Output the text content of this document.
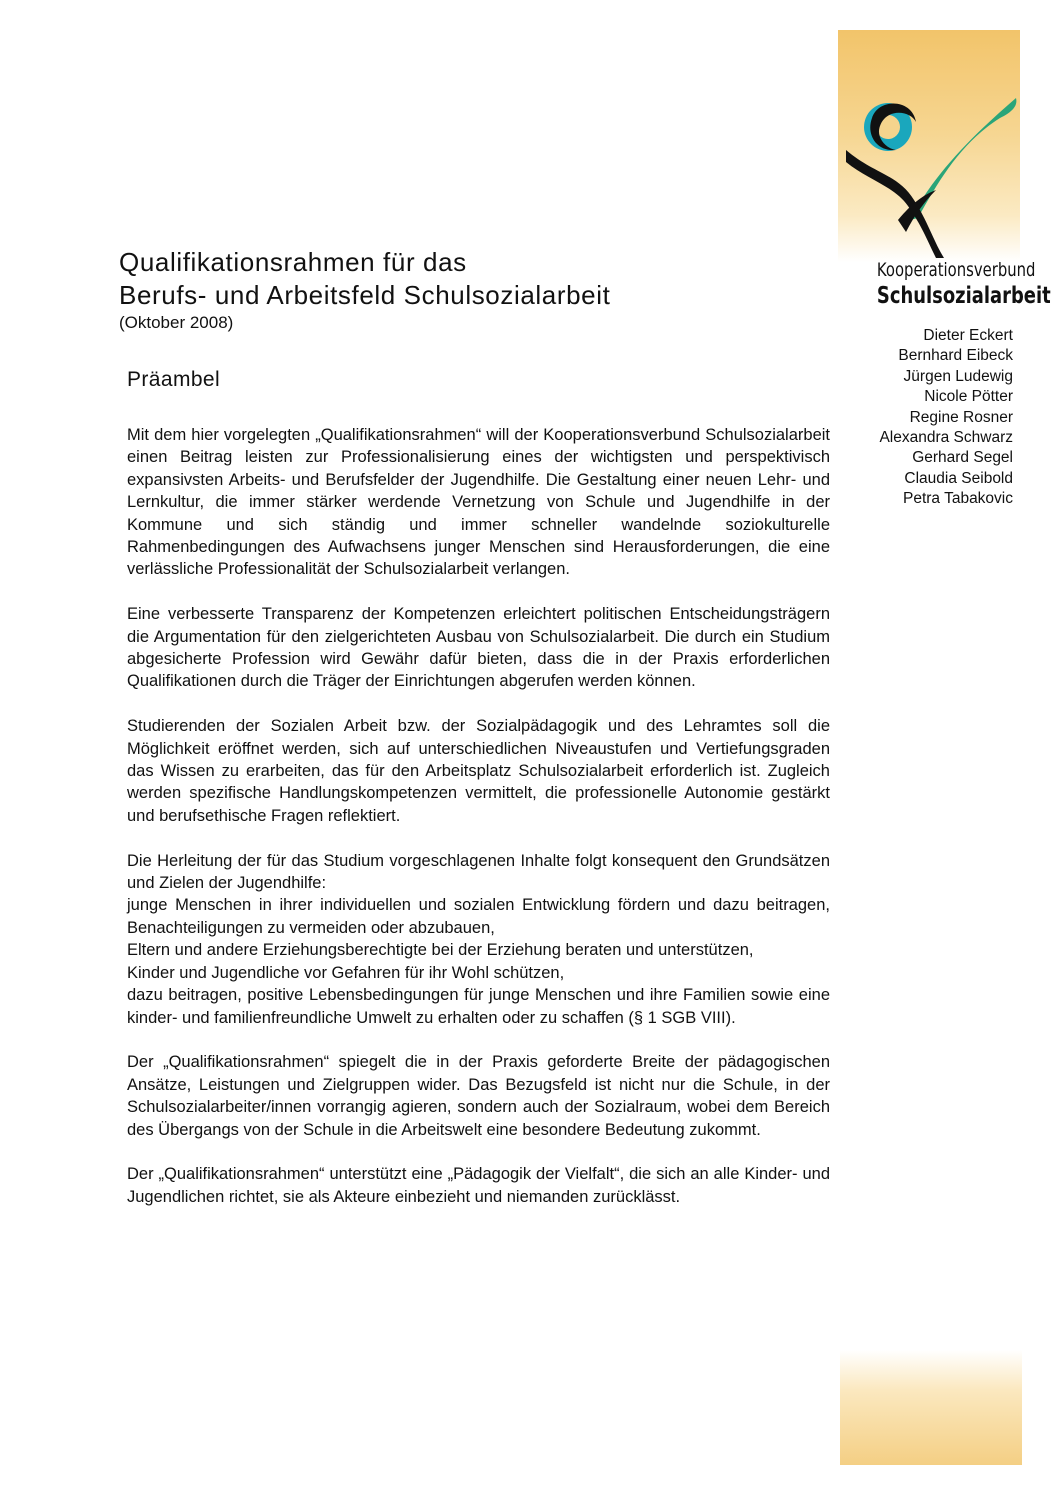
Kooperationsverbund
Schulsozialarbeit
Dieter Eckert
Bernhard Eibeck
Jürgen Ludewig
Nicole Pötter
Regine Rosner
Alexandra Schwarz
Gerhard Segel
Claudia Seibold
Petra Tabakovic
Qualifikationsrahmen für das
Berufs- und Arbeitsfeld Schulsozialarbeit
(Oktober 2008)
Präambel

Mit dem hier vorgelegten „Qualifikationsrahmen“ will der Kooperationsverbund Schulsozialarbeit einen Beitrag leisten zur Professionalisierung eines der wichtigsten und perspektivisch expansivsten Arbeits- und Berufsfelder der Jugendhilfe. Die Gestaltung einer neuen Lehr- und Lernkultur, die immer stärker werdende Vernetzung von Schule und Jugendhilfe in der Kommune und sich ständig und immer schneller wandelnde soziokulturelle Rahmenbedingungen des Aufwachsens junger Menschen sind Herausforderungen, die eine verlässliche Professionalität der Schulsozialarbeit verlangen.

Eine verbesserte Transparenz der Kompetenzen erleichtert politischen Entscheidungsträgern die Argumentation für den zielgerichteten Ausbau von Schulsozialarbeit. Die durch ein Studium abgesicherte Profession wird Gewähr dafür bieten, dass die in der Praxis erforderlichen Qualifikationen durch die Träger der Einrichtungen abgerufen werden können.

Studierenden der Sozialen Arbeit bzw. der Sozialpädagogik und des Lehramtes soll die Möglichkeit eröffnet werden, sich auf unterschiedlichen Niveaustufen und Vertiefungsgraden das Wissen zu erarbeiten, das für den Arbeitsplatz Schulsozialarbeit erforderlich ist. Zugleich werden spezifische Handlungskompetenzen vermittelt, die professionelle Autonomie gestärkt und berufsethische Fragen reflektiert.

Die Herleitung der für das Studium vorgeschlagenen Inhalte folgt konsequent den Grundsätzen und Zielen der Jugendhilfe:
junge Menschen in ihrer individuellen und sozialen Entwicklung fördern und dazu beitragen, Benachteiligungen zu vermeiden oder abzubauen,
Eltern und andere Erziehungsberechtigte bei der Erziehung beraten und unterstützen,
Kinder und Jugendliche vor Gefahren für ihr Wohl schützen,
dazu beitragen, positive Lebensbedingungen für junge Menschen und ihre Familien sowie eine kinder- und familienfreundliche Umwelt zu erhalten oder zu schaffen (§ 1 SGB VIII).

Der „Qualifikationsrahmen“ spiegelt die in der Praxis geforderte Breite der pädagogischen Ansätze, Leistungen und Zielgruppen wider. Das Bezugsfeld ist nicht nur die Schule, in der Schulsozialarbeiter/innen vorrangig agieren, sondern auch der Sozialraum, wobei dem Bereich des Übergangs von der Schule in die Arbeitswelt eine besondere Bedeutung zukommt.

Der „Qualifikationsrahmen“ unterstützt eine „Pädagogik der Vielfalt“, die sich an alle Kinder- und Jugendlichen richtet, sie als Akteure einbezieht und niemanden zurücklässt.
